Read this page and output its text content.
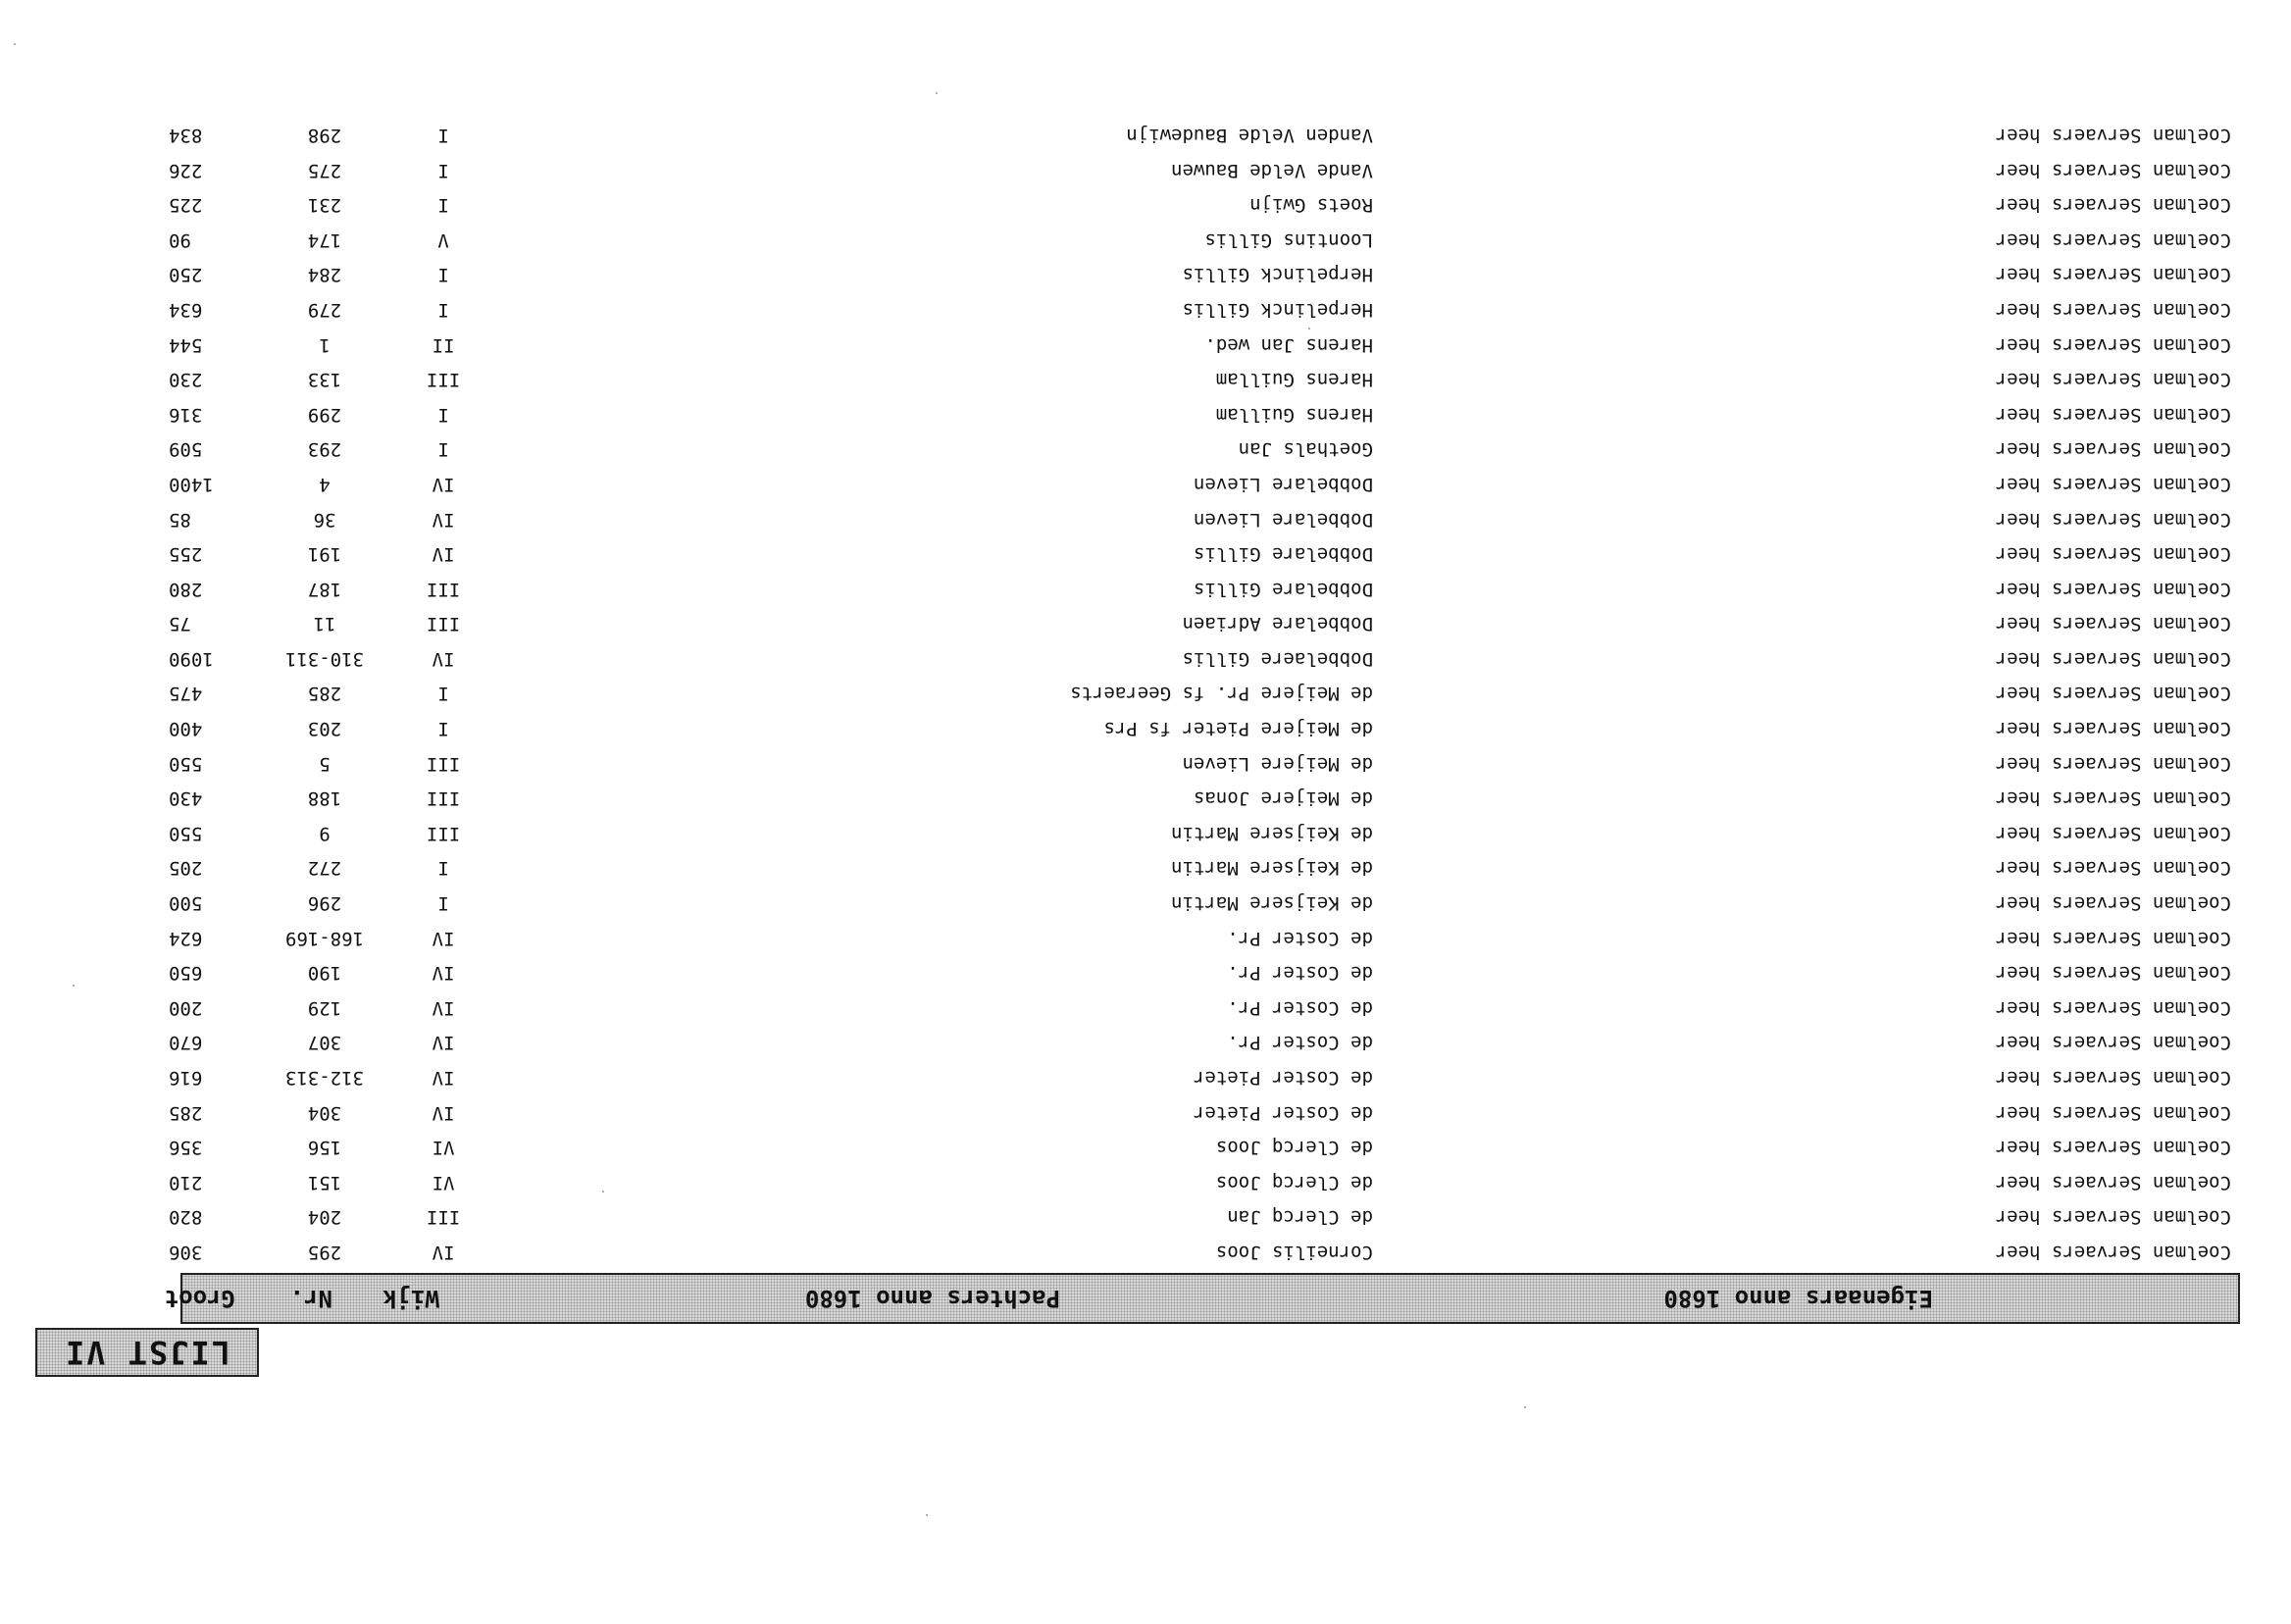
LIJST VI
Eigenaars anno 1680
Pachters anno 1680
Wijk
Nr.
Groot
Coelman Servaers heer
Corneilis Joos
IV
295
306
Coelman Servaers heer
de Clercq Jan
III
204
820
Coelman Servaers heer
de Clercq Joos
VI
151
210
Coelman Servaers heer
de Clercq Joos
VI
156
356
Coelman Servaers heer
de Coster Pieter
IV
304
285
Coelman Servaers heer
de Coster Pieter
IV
312-313
616
Coelman Servaers heer
de Coster Pr.
IV
307
670
Coelman Servaers heer
de Coster Pr.
IV
129
200
Coelman Servaers heer
de Coster Pr.
IV
190
650
Coelman Servaers heer
de Coster Pr.
IV
168-169
624
Coelman Servaers heer
de Keijsere Martin
I
296
500
Coelman Servaers heer
de Keijsere Martin
I
272
205
Coelman Servaers heer
de Keijsere Martin
III
9
550
Coelman Servaers heer
de Meijere Jonas
III
188
430
Coelman Servaers heer
de Meijere Lieven
III
5
550
Coelman Servaers heer
de Meijere Pieter fs Prs
I
203
400
Coelman Servaers heer
de Meijere Pr. fs Geeraerts
I
285
475
Coelman Servaers heer
Dobbelaere Gillis
IV
310-311
1090
Coelman Servaers heer
Dobbelare Adriaen
III
11
75
Coelman Servaers heer
Dobbelare Gillis
III
187
280
Coelman Servaers heer
Dobbelare Gillis
IV
191
255
Coelman Servaers heer
Dobbelare Lieven
IV
36
85
Coelman Servaers heer
Dobbelare Lieven
IV
4
1400
Coelman Servaers heer
Goethals Jan
I
293
509
Coelman Servaers heer
Harens Guillam
I
299
316
Coelman Servaers heer
Harens Guillam
III
133
230
Coelman Servaers heer
Harens Jan wed.
II
1
544
Coelman Servaers heer
Herpelinck Gillis
I
279
634
Coelman Servaers heer
Herpelinck Gillis
I
284
250
Coelman Servaers heer
Loontins Gillis
V
174
90
Coelman Servaers heer
Roets Gwijn
I
231
225
Coelman Servaers heer
Vande Velde Bauwen
I
275
226
Coelman Servaers heer
Vanden Velde Baudewijn
I
298
834
